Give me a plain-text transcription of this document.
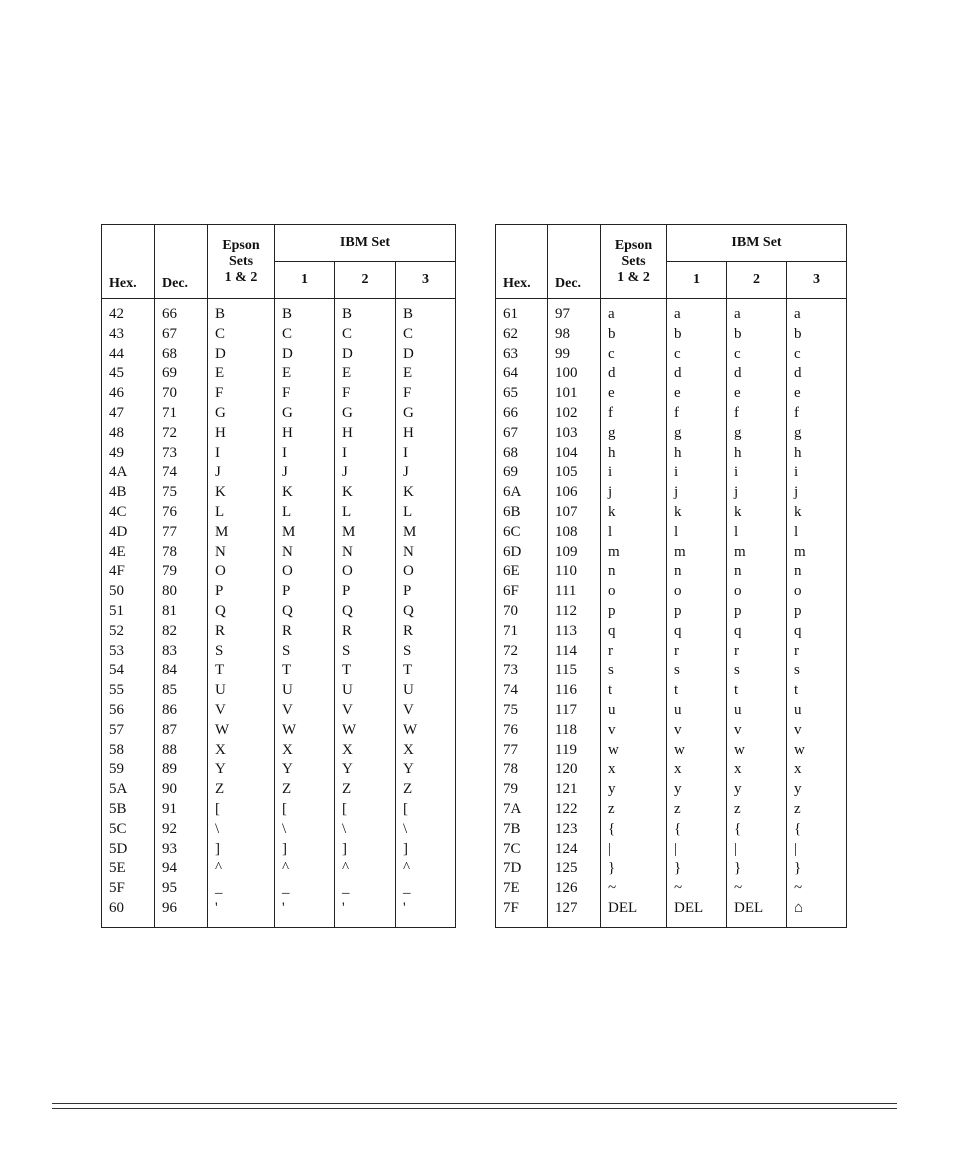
Hex.	Dec.	Epson
Sets
1 & 2	IBM Set		
			1	2	3
42	66	B	B	B	B
43	67	C	C	C	C
44	68	D	D	D	D
45	69	E	E	E	E
46	70	F	F	F	F
47	71	G	G	G	G
48	72	H	H	H	H
49	73	I	I	I	I
4A	74	J	J	J	J
4B	75	K	K	K	K
4C	76	L	L	L	L
4D	77	M	M	M	M
4E	78	N	N	N	N
4F	79	O	O	O	O
50	80	P	P	P	P
51	81	Q	Q	Q	Q
52	82	R	R	R	R
53	83	S	S	S	S
54	84	T	T	T	T
55	85	U	U	U	U
56	86	V	V	V	V
57	87	W	W	W	W
58	88	X	X	X	X
59	89	Y	Y	Y	Y
5A	90	Z	Z	Z	Z
5B	91	[	[	[	[
5C	92	\	\	\	\
5D	93	]	]	]	]
5E	94	^	^	^	^
5F	95	_	_	_	_
60	96	'	'	'	'
Hex.	Dec.	Epson
Sets
1 & 2	IBM Set		
			1	2	3
61	97	a	a	a	a
62	98	b	b	b	b
63	99	c	c	c	c
64	100	d	d	d	d
65	101	e	e	e	e
66	102	f	f	f	f
67	103	g	g	g	g
68	104	h	h	h	h
69	105	i	i	i	i
6A	106	j	j	j	j
6B	107	k	k	k	k
6C	108	l	l	l	l
6D	109	m	m	m	m
6E	110	n	n	n	n
6F	111	o	o	o	o
70	112	p	p	p	p
71	113	q	q	q	q
72	114	r	r	r	r
73	115	s	s	s	s
74	116	t	t	t	t
75	117	u	u	u	u
76	118	v	v	v	v
77	119	w	w	w	w
78	120	x	x	x	x
79	121	y	y	y	y
7A	122	z	z	z	z
7B	123	{	{	{	{
7C	124	|	|	|	|
7D	125	}	}	}	}
7E	126	~	~	~	~
7F	127	DEL	DEL	DEL	⌂
